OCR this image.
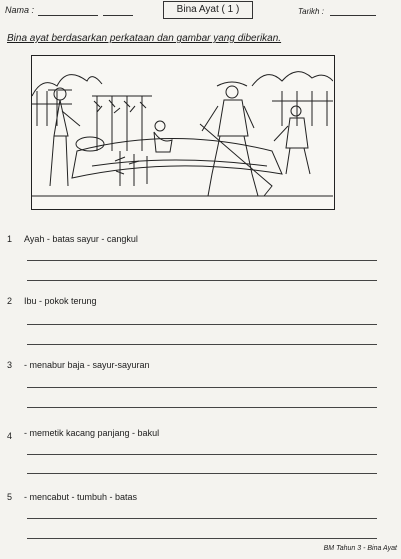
Nama :	Bina Ayat ( 1 )	Tarikh :
Bina ayat berdasarkan perkataan dan gambar yang diberikan.
1 Ayah - batas sayur - cangkul
2 Ibu - pokok terung
3 - menabur baja - sayur-sayuran
4 - memetik kacang panjang - bakul
5 - mencabut - tumbuh - batas
BM Tahun 3 - Bina Ayat
